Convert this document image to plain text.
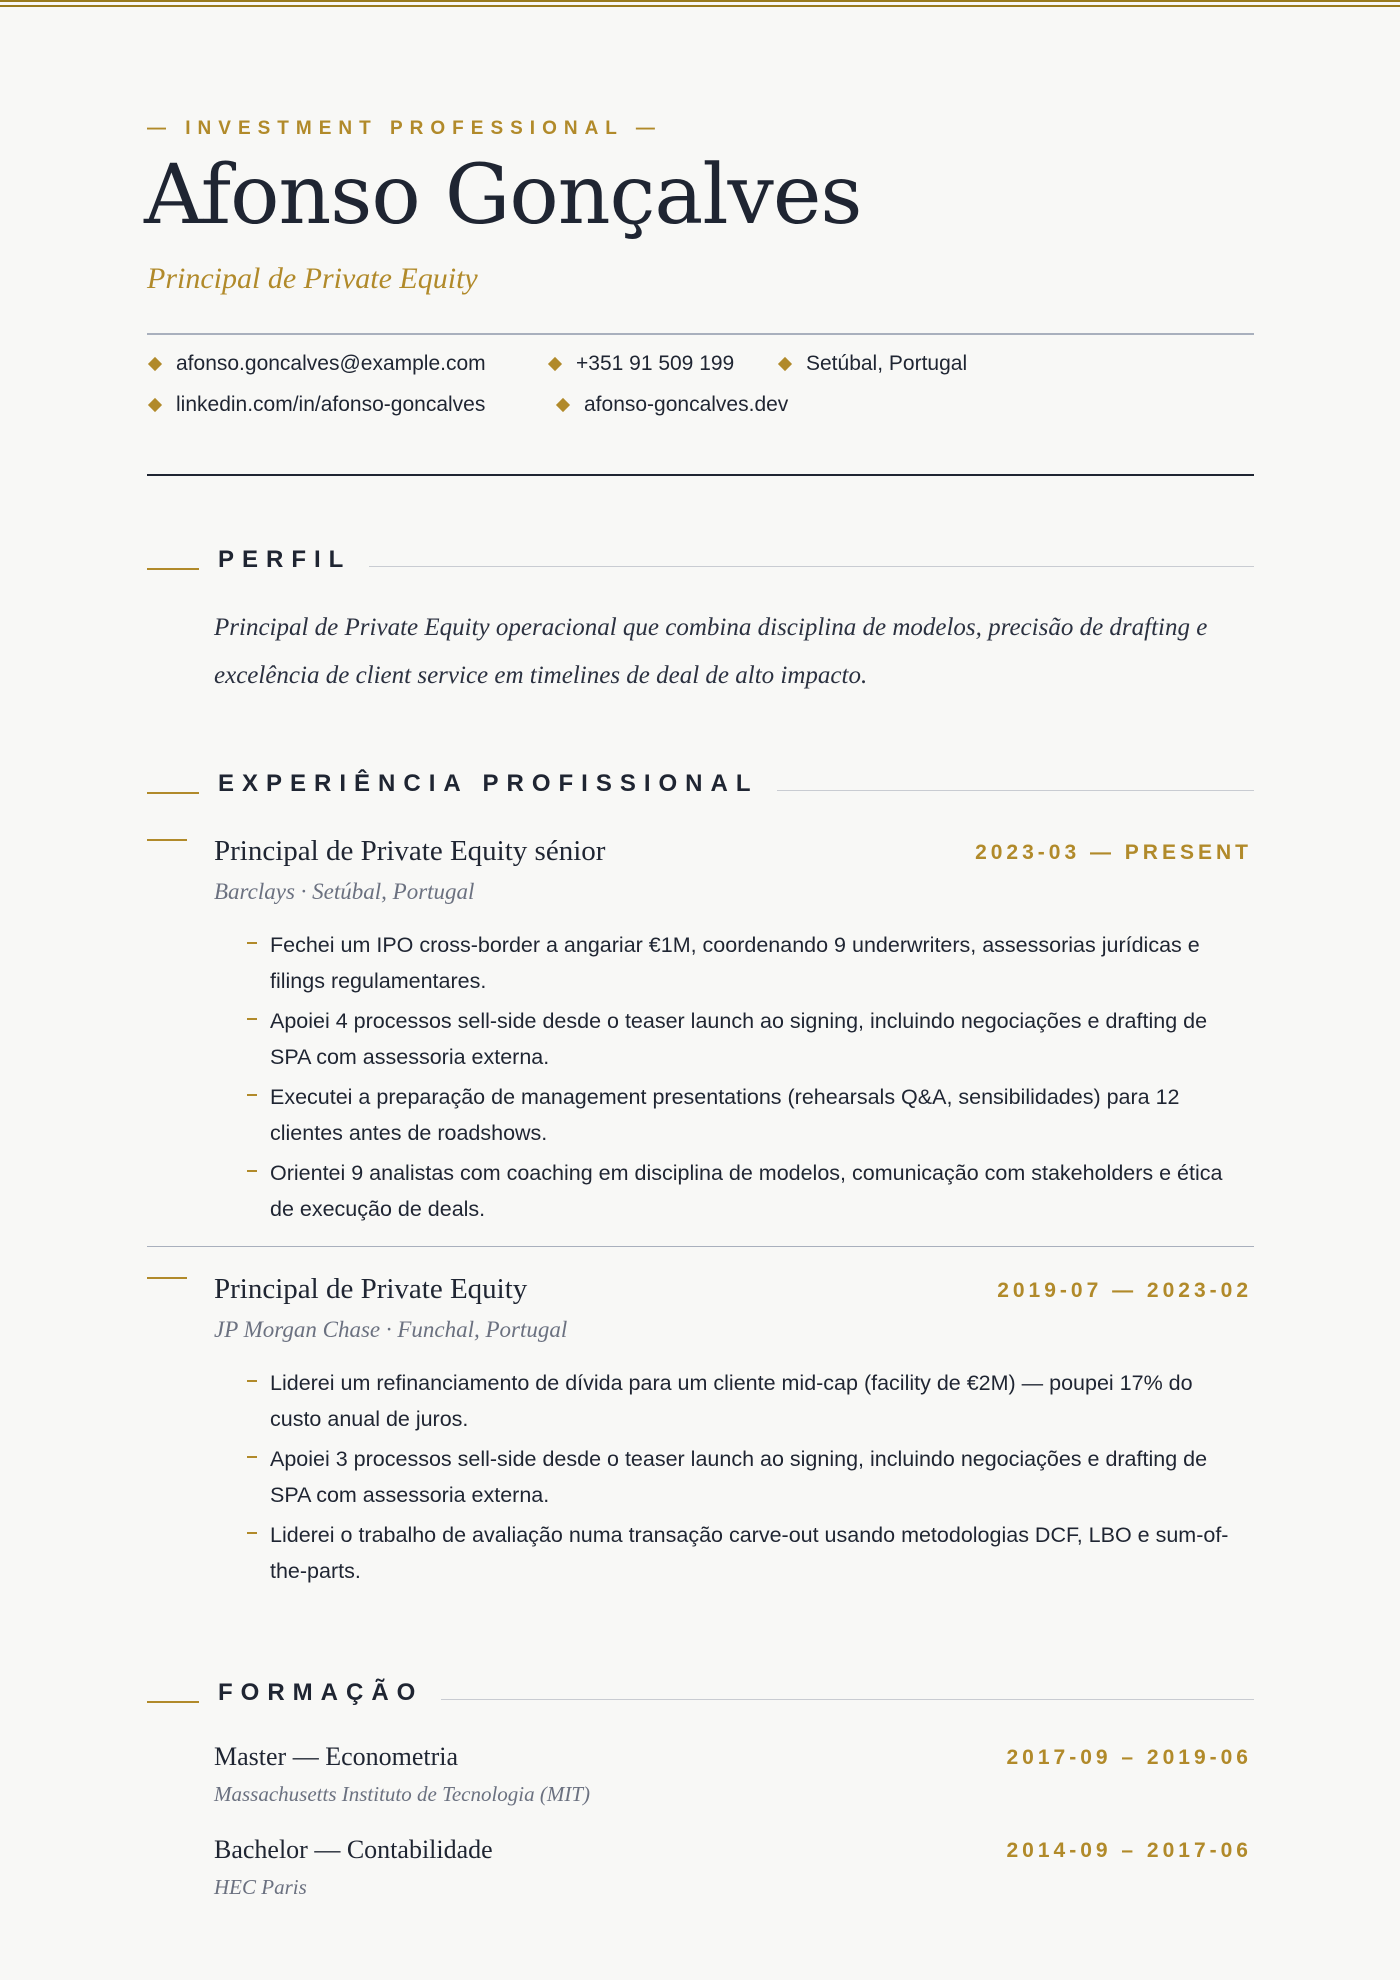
— INVESTMENT PROFESSIONAL —
Afonso Gonçalves
Principal de Private Equity
afonso.goncalves@example.com	+351 91 509 199	Setúbal, Portugal
linkedin.com/in/afonso-goncalves	afonso-goncalves.dev
PERFIL

Principal de Private Equity operacional que combina disciplina de modelos, precisão de drafting e excelência de client service em timelines de deal de alto impacto.

EXPERIÊNCIA PROFISSIONAL
Principal de Private Equity sénior	2023-03 — PRESENT
Barclays · Setúbal, Portugal
Fechei um IPO cross-border a angariar €1M, coordenando 9 underwriters, assessorias jurídicas e filings regulamentares.
Apoiei 4 processos sell-side desde o teaser launch ao signing, incluindo negociações e drafting de SPA com assessoria externa.
Executei a preparação de management presentations (rehearsals Q&A, sensibilidades) para 12 clientes antes de roadshows.
Orientei 9 analistas com coaching em disciplina de modelos, comunicação com stakeholders e ética de execução de deals.
Principal de Private Equity	2019-07 — 2023-02
JP Morgan Chase · Funchal, Portugal
Liderei um refinanciamento de dívida para um cliente mid-cap (facility de €2M) — poupei 17% do custo anual de juros.
Apoiei 3 processos sell-side desde o teaser launch ao signing, incluindo negociações e drafting de SPA com assessoria externa.
Liderei o trabalho de avaliação numa transação carve-out usando metodologias DCF, LBO e sum-of-the-parts.
FORMAÇÃO
Master — Econometria	2017-09 – 2019-06
Massachusetts Instituto de Tecnologia (MIT)
Bachelor — Contabilidade	2014-09 – 2017-06
HEC Paris
